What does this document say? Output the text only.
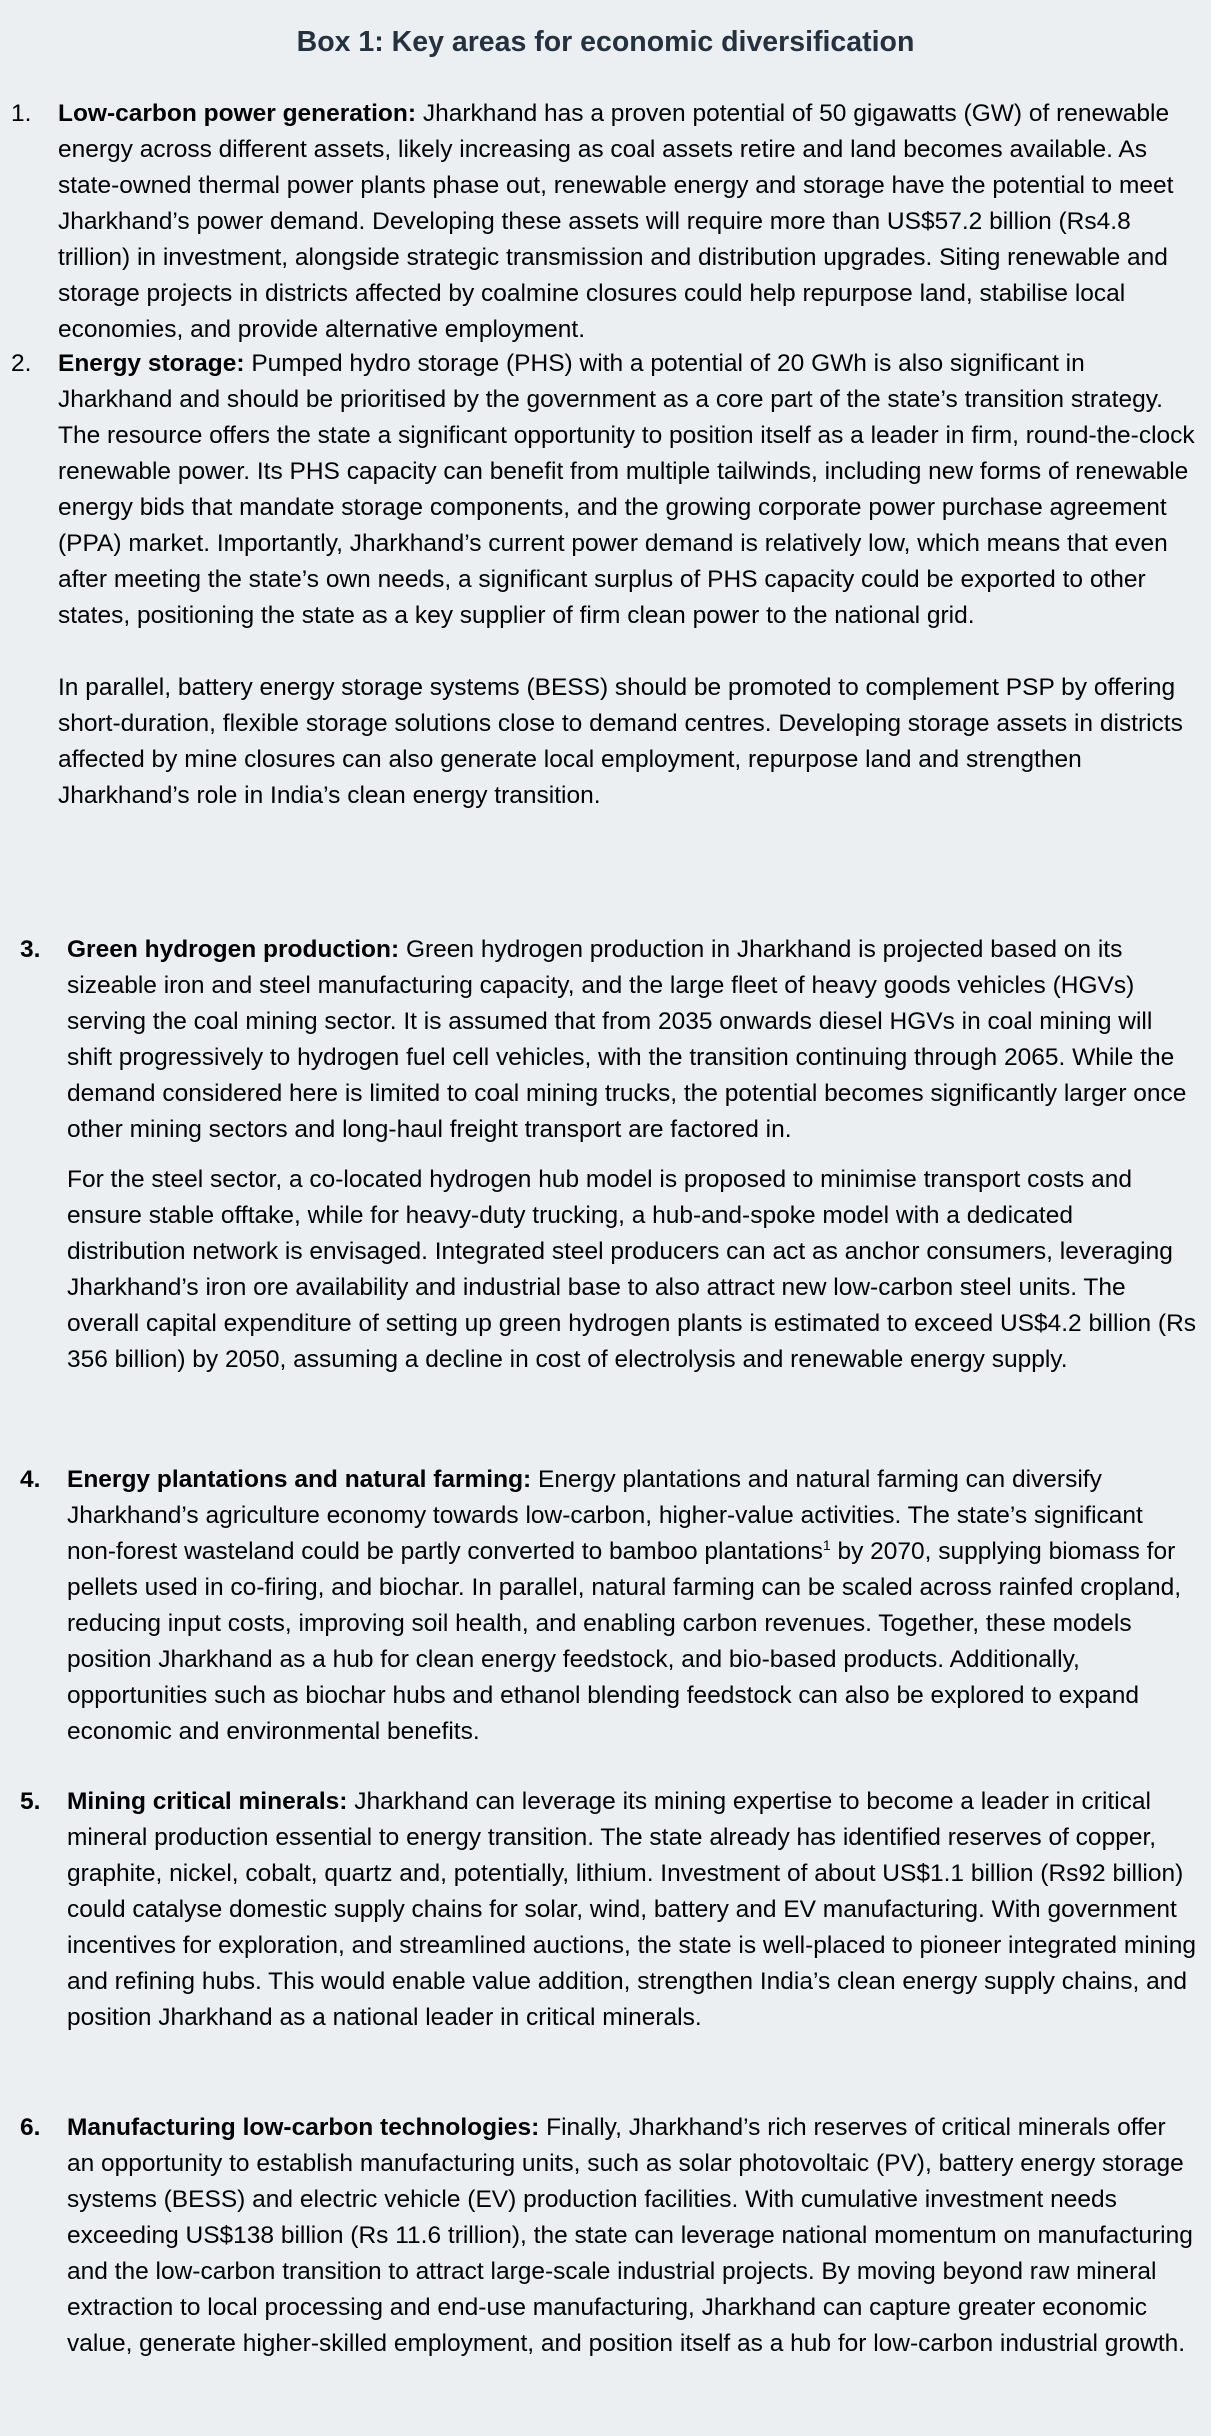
Box 1: Key areas for economic diversification
1. Low-carbon power generation: Jharkhand has a proven potential of 50 gigawatts (GW) of renewable energy across different assets, likely increasing as coal assets retire and land becomes available. As state-owned thermal power plants phase out, renewable energy and storage have the potential to meet Jharkhand’s power demand. Developing these assets will require more than US$57.2 billion (Rs4.8 trillion) in investment, alongside strategic transmission and distribution upgrades. Siting renewable and storage projects in districts affected by coalmine closures could help repurpose land, stabilise local economies, and provide alternative employment.

2. Energy storage: Pumped hydro storage (PHS) with a potential of 20 GWh is also significant in Jharkhand and should be prioritised by the government as a core part of the state’s transition strategy. The resource offers the state a significant opportunity to position itself as a leader in firm, round-the-clock renewable power. Its PHS capacity can benefit from multiple tailwinds, including new forms of renewable energy bids that mandate storage components, and the growing corporate power purchase agreement (PPA) market. Importantly, Jharkhand’s current power demand is relatively low, which means that even after meeting the state’s own needs, a significant surplus of PHS capacity could be exported to other states, positioning the state as a key supplier of firm clean power to the national grid.

In parallel, battery energy storage systems (BESS) should be promoted to complement PSP by offering short-duration, flexible storage solutions close to demand centres. Developing storage assets in districts affected by mine closures can also generate local employment, repurpose land and strengthen Jharkhand’s role in India’s clean energy transition.

3. Green hydrogen production: Green hydrogen production in Jharkhand is projected based on its sizeable iron and steel manufacturing capacity, and the large fleet of heavy goods vehicles (HGVs) serving the coal mining sector. It is assumed that from 2035 onwards diesel HGVs in coal mining will shift progressively to hydrogen fuel cell vehicles, with the transition continuing through 2065. While the demand considered here is limited to coal mining trucks, the potential becomes significantly larger once other mining sectors and long-haul freight transport are factored in.

For the steel sector, a co-located hydrogen hub model is proposed to minimise transport costs and ensure stable offtake, while for heavy-duty trucking, a hub-and-spoke model with a dedicated distribution network is envisaged. Integrated steel producers can act as anchor consumers, leveraging Jharkhand’s iron ore availability and industrial base to also attract new low-carbon steel units. The overall capital expenditure of setting up green hydrogen plants is estimated to exceed US$4.2 billion (Rs 356 billion) by 2050, assuming a decline in cost of electrolysis and renewable energy supply.

4. Energy plantations and natural farming: Energy plantations and natural farming can diversify Jharkhand’s agriculture economy towards low-carbon, higher-value activities. The state’s significant non-forest wasteland could be partly converted to bamboo plantations$^1$ by 2070, supplying biomass for pellets used in co-firing, and biochar. In parallel, natural farming can be scaled across rainfed cropland, reducing input costs, improving soil health, and enabling carbon revenues. Together, these models position Jharkhand as a hub for clean energy feedstock, and bio-based products. Additionally, opportunities such as biochar hubs and ethanol blending feedstock can also be explored to expand economic and environmental benefits.

5. Mining critical minerals: Jharkhand can leverage its mining expertise to become a leader in critical mineral production essential to energy transition. The state already has identified reserves of copper, graphite, nickel, cobalt, quartz and, potentially, lithium. Investment of about US$1.1 billion (Rs92 billion) could catalyse domestic supply chains for solar, wind, battery and EV manufacturing. With government incentives for exploration, and streamlined auctions, the state is well-placed to pioneer integrated mining and refining hubs. This would enable value addition, strengthen India’s clean energy supply chains, and position Jharkhand as a national leader in critical minerals.

6. Manufacturing low-carbon technologies: Finally, Jharkhand’s rich reserves of critical minerals offer an opportunity to establish manufacturing units, such as solar photovoltaic (PV), battery energy storage systems (BESS) and electric vehicle (EV) production facilities. With cumulative investment needs exceeding US$138 billion (Rs 11.6 trillion), the state can leverage national momentum on manufacturing and the low-carbon transition to attract large-scale industrial projects. By moving beyond raw mineral extraction to local processing and end-use manufacturing, Jharkhand can capture greater economic value, generate higher-skilled employment, and position itself as a hub for low-carbon industrial growth.
